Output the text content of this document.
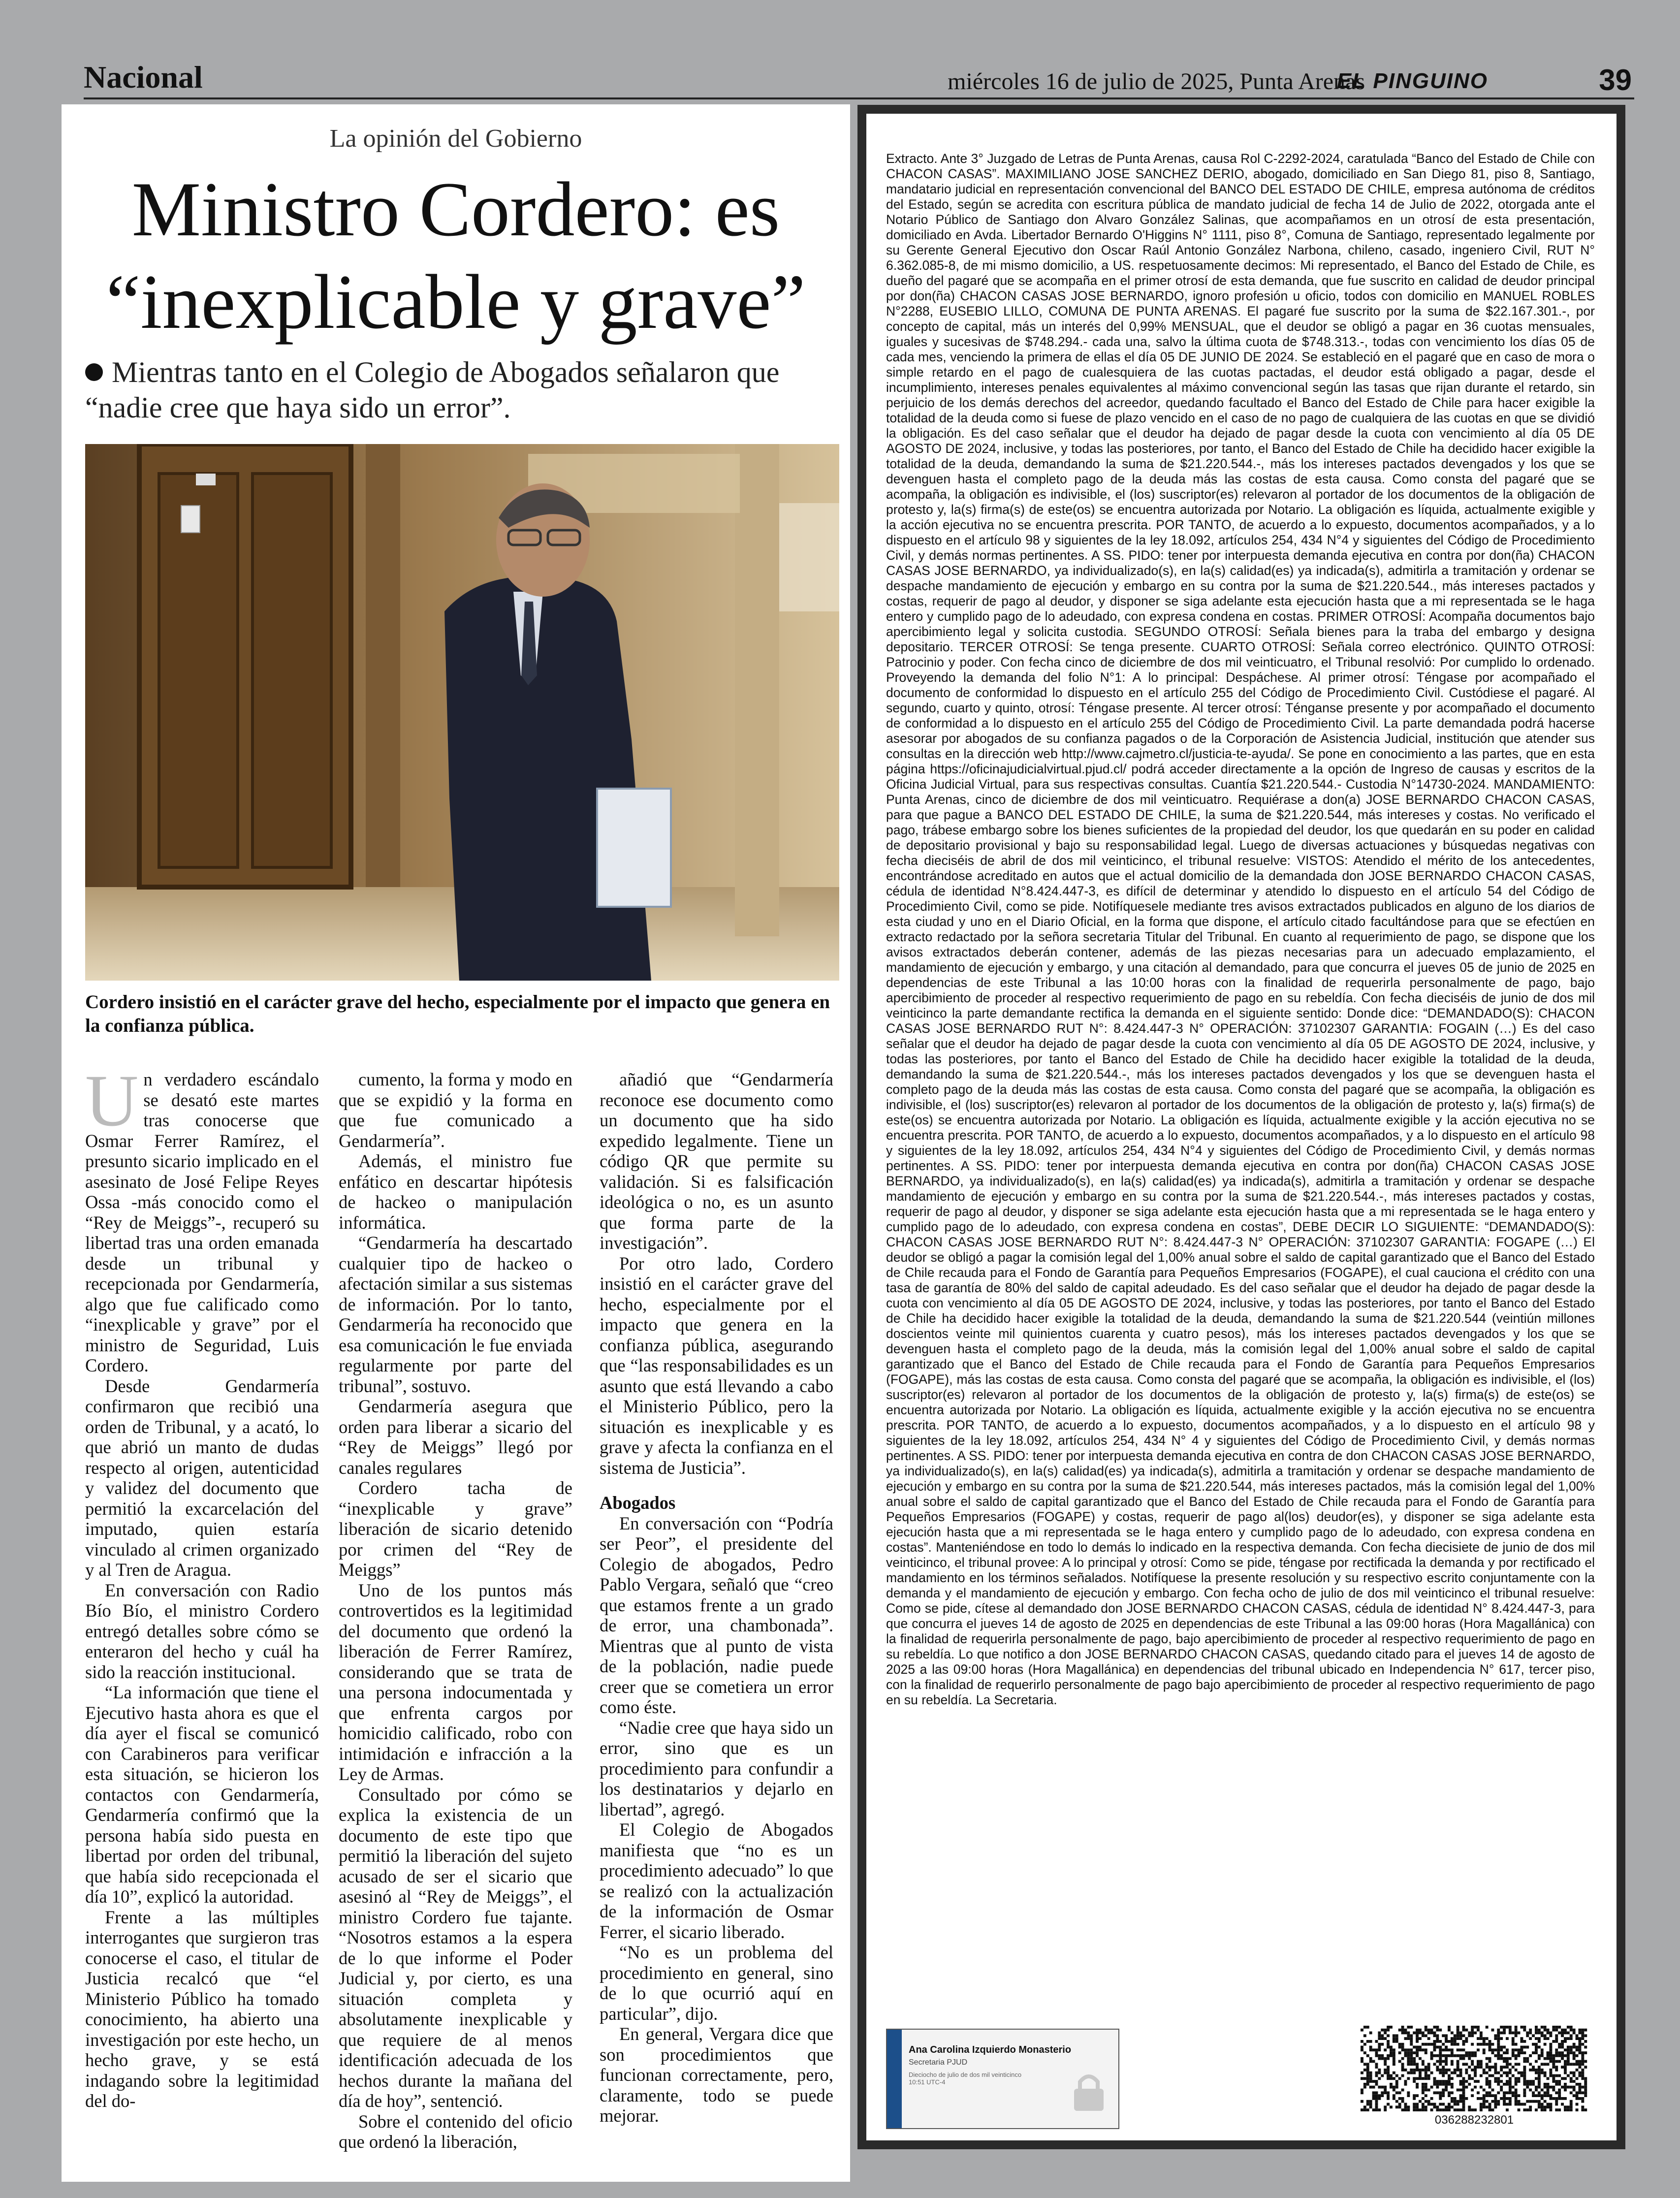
Nacional	miércoles 16 de julio de 2025, Punta Arenas
EL PINGUINO	39
La opinión del Gobierno
Ministro Cordero: es
“inexplicable y grave”
Mientras tanto en el Colegio de Abogados señalaron que “nadie cree que haya sido un error”.
Cordero insistió en el carácter grave del hecho, especialmente por el impacto que genera en la confianza pública.

Un verdadero escándalo se desató este martes tras conocerse que Osmar Ferrer Ramírez, el presunto sicario implicado en el asesinato de José Felipe Reyes Ossa -más conocido como el “Rey de Meiggs”-, recuperó su libertad tras una orden emanada desde un tribunal y recepcionada por Gendarmería, algo que fue calificado como “inexplicable y grave” por el ministro de Seguridad, Luis Cordero.

Desde Gendarmería confirmaron que recibió una orden de Tribunal, y a acató, lo que abrió un manto de dudas respecto al origen, autenticidad y validez del documento que permitió la excarcelación del imputado, quien estaría vinculado al crimen organizado y al Tren de Aragua.

En conversación con Radio Bío Bío, el ministro Cordero entregó detalles sobre cómo se enteraron del hecho y cuál ha sido la reacción institucional.

“La información que tiene el Ejecutivo hasta ahora es que el día ayer el fiscal se comunicó con Carabineros para verificar esta situación, se hicieron los contactos con Gendarmería, Gendarmería confirmó que la persona había sido puesta en libertad por orden del tribunal, que había sido recepcionada el día 10”, explicó la autoridad.

Frente a las múltiples interrogantes que surgieron tras conocerse el caso, el titular de Justicia recalcó que “el Ministerio Público ha tomado conocimiento, ha abierto una investigación por este hecho, un hecho grave, y se está indagando sobre la legitimidad del do-

cumento, la forma y modo en que se expidió y la forma en que fue comunicado a Gendarmería”.

Además, el ministro fue enfático en descartar hipótesis de hackeo o manipulación informática.

“Gendarmería ha descartado cualquier tipo de hackeo o afectación similar a sus sistemas de información. Por lo tanto, Gendarmería ha reconocido que esa comunicación le fue enviada regularmente por parte del tribunal”, sostuvo.

Gendarmería asegura que orden para liberar a sicario del “Rey de Meiggs” llegó por canales regulares

Cordero tacha de “inexplicable y grave” liberación de sicario detenido por crimen del “Rey de Meiggs”

Uno de los puntos más controvertidos es la legitimidad del documento que ordenó la liberación de Ferrer Ramírez, considerando que se trata de una persona indocumentada y que enfrenta cargos por homicidio calificado, robo con intimidación e infracción a la Ley de Armas.

Consultado por cómo se explica la existencia de un documento de este tipo que permitió la liberación del sujeto acusado de ser el sicario que asesinó al “Rey de Meiggs”, el ministro Cordero fue tajante. “Nosotros estamos a la espera de lo que informe el Poder Judicial y, por cierto, es una situación completa y absolutamente inexplicable y que requiere de al menos identificación adecuada de los hechos durante la mañana del día de hoy”, sentenció.

Sobre el contenido del oficio que ordenó la liberación,

añadió que “Gendarmería reconoce ese documento como un documento que ha sido expedido legalmente. Tiene un código QR que permite su validación. Si es falsificación ideológica o no, es un asunto que forma parte de la investigación”.

Por otro lado, Cordero insistió en el carácter grave del hecho, especialmente por el impacto que genera en la confianza pública, asegurando que “las responsabilidades es un asunto que está llevando a cabo el Ministerio Público, pero la situación es inexplicable y es grave y afecta la confianza en el sistema de Justicia”.

Abogados

En conversación con “Podría ser Peor”, el presidente del Colegio de abogados, Pedro Pablo Vergara, señaló que “creo que estamos frente a un grado de error, una chambonada”. Mientras que al punto de vista de la población, nadie puede creer que se cometiera un error como éste.

“Nadie cree que haya sido un error, sino que es un procedimiento para confundir a los destinatarios y dejarlo en libertad”, agregó.

El Colegio de Abogados manifiesta que “no es un procedimiento adecuado” lo que se realizó con la actualización de la información de Osmar Ferrer, el sicario liberado.

“No es un problema del procedimiento en general, sino de lo que ocurrió aquí en particular”, dijo.

En general, Vergara dice que son procedimientos que funcionan correctamente, pero, claramente, todo se puede mejorar.

Extracto. Ante 3° Juzgado de Letras de Punta Arenas, causa Rol C-2292-2024, caratulada “Banco del Estado de Chile con CHACON CASAS”. MAXIMILIANO JOSE SANCHEZ DERIO, abogado, domiciliado en San Diego 81, piso 8, Santiago, mandatario judicial en representación convencional del BANCO DEL ESTADO DE CHILE, empresa autónoma de créditos del Estado, según se acredita con escritura pública de mandato judicial de fecha 14 de Julio de 2022, otorgada ante el Notario Público de Santiago don Alvaro González Salinas, que acompañamos en un otrosí de esta presentación, domiciliado en Avda. Libertador Bernardo O'Higgins N° 1111, piso 8°, Comuna de Santiago, representado legalmente por su Gerente General Ejecutivo don Oscar Raúl Antonio González Narbona, chileno, casado, ingeniero Civil, RUT N° 6.362.085-8, de mi mismo domicilio, a US. respetuosamente decimos: Mi representado, el Banco del Estado de Chile, es dueño del pagaré que se acompaña en el primer otrosí de esta demanda, que fue suscrito en calidad de deudor principal por don(ña) CHACON CASAS JOSE BERNARDO, ignoro profesión u oficio, todos con domicilio en MANUEL ROBLES N°2288, EUSEBIO LILLO, COMUNA DE PUNTA ARENAS. El pagaré fue suscrito por la suma de $22.167.301.-, por concepto de capital, más un interés del 0,99% MENSUAL, que el deudor se obligó a pagar en 36 cuotas mensuales, iguales y sucesivas de $748.294.- cada una, salvo la última cuota de $748.313.-, todas con vencimiento los días 05 de cada mes, venciendo la primera de ellas el día 05 DE JUNIO DE 2024. Se estableció en el pagaré que en caso de mora o simple retardo en el pago de cualesquiera de las cuotas pactadas, el deudor está obligado a pagar, desde el incumplimiento, intereses penales equivalentes al máximo convencional según las tasas que rijan durante el retardo, sin perjuicio de los demás derechos del acreedor, quedando facultado el Banco del Estado de Chile para hacer exigible la totalidad de la deuda como si fuese de plazo vencido en el caso de no pago de cualquiera de las cuotas en que se dividió la obligación. Es del caso señalar que el deudor ha dejado de pagar desde la cuota con vencimiento al día 05 DE AGOSTO DE 2024, inclusive, y todas las posteriores, por tanto, el Banco del Estado de Chile ha decidido hacer exigible la totalidad de la deuda, demandando la suma de $21.220.544.-, más los intereses pactados devengados y los que se devenguen hasta el completo pago de la deuda más las costas de esta causa. Como consta del pagaré que se acompaña, la obligación es indivisible, el (los) suscriptor(es) relevaron al portador de los documentos de la obligación de protesto y, la(s) firma(s) de este(os) se encuentra autorizada por Notario. La obligación es líquida, actualmente exigible y la acción ejecutiva no se encuentra prescrita. POR TANTO, de acuerdo a lo expuesto, documentos acompañados, y a lo dispuesto en el artículo 98 y siguientes de la ley 18.092, artículos 254, 434 N°4 y siguientes del Código de Procedimiento Civil, y demás normas pertinentes. A SS. PIDO: tener por interpuesta demanda ejecutiva en contra por don(ña) CHACON CASAS JOSE BERNARDO, ya individualizado(s), en la(s) calidad(es) ya indicada(s), admitirla a tramitación y ordenar se despache mandamiento de ejecución y embargo en su contra por la suma de $21.220.544., más intereses pactados y costas, requerir de pago al deudor, y disponer se siga adelante esta ejecución hasta que a mi representada se le haga entero y cumplido pago de lo adeudado, con expresa condena en costas. PRIMER OTROSÍ: Acompaña documentos bajo apercibimiento legal y solicita custodia. SEGUNDO OTROSÍ: Señala bienes para la traba del embargo y designa depositario. TERCER OTROSÍ: Se tenga presente. CUARTO OTROSÍ: Señala correo electrónico. QUINTO OTROSÍ: Patrocinio y poder. Con fecha cinco de diciembre de dos mil veinticuatro, el Tribunal resolvió: Por cumplido lo ordenado. Proveyendo la demanda del folio N°1: A lo principal: Despáchese. Al primer otrosí: Téngase por acompañado el documento de conformidad lo dispuesto en el artículo 255 del Código de Procedimiento Civil. Custódiese el pagaré. Al segundo, cuarto y quinto, otrosí: Téngase presente. Al tercer otrosí: Ténganse presente y por acompañado el documento de conformidad a lo dispuesto en el artículo 255 del Código de Procedimiento Civil. La parte demandada podrá hacerse asesorar por abogados de su confianza pagados o de la Corporación de Asistencia Judicial, institución que atender sus consultas en la dirección web http://www.cajmetro.cl/justicia-te-ayuda/. Se pone en conocimiento a las partes, que en esta página https://oficinajudicialvirtual.pjud.cl/ podrá acceder directamente a la opción de Ingreso de causas y escritos de la Oficina Judicial Virtual, para sus respectivas consultas. Cuantía $21.220.544.- Custodia N°14730-2024. MANDAMIENTO: Punta Arenas, cinco de diciembre de dos mil veinticuatro. Requiérase a don(a) JOSE BERNARDO CHACON CASAS, para que pague a BANCO DEL ESTADO DE CHILE, la suma de $21.220.544, más intereses y costas. No verificado el pago, trábese embargo sobre los bienes suficientes de la propiedad del deudor, los que quedarán en su poder en calidad de depositario provisional y bajo su responsabilidad legal. Luego de diversas actuaciones y búsquedas negativas con fecha dieciséis de abril de dos mil veinticinco, el tribunal resuelve: VISTOS: Atendido el mérito de los antecedentes, encontrándose acreditado en autos que el actual domicilio de la demandada don JOSE BERNARDO CHACON CASAS, cédula de identidad N°8.424.447-3, es difícil de determinar y atendido lo dispuesto en el artículo 54 del Código de Procedimiento Civil, como se pide. Notifíquesele mediante tres avisos extractados publicados en alguno de los diarios de esta ciudad y uno en el Diario Oficial, en la forma que dispone, el artículo citado facultándose para que se efectúen en extracto redactado por la señora secretaria Titular del Tribunal. En cuanto al requerimiento de pago, se dispone que los avisos extractados deberán contener, además de las piezas necesarias para un adecuado emplazamiento, el mandamiento de ejecución y embargo, y una citación al demandado, para que concurra el jueves 05 de junio de 2025 en dependencias de este Tribunal a las 10:00 horas con la finalidad de requerirla personalmente de pago, bajo apercibimiento de proceder al respectivo requerimiento de pago en su rebeldía. Con fecha dieciséis de junio de dos mil veinticinco la parte demandante rectifica la demanda en el siguiente sentido: Donde dice: “DEMANDADO(S): CHACON CASAS JOSE BERNARDO RUT N°: 8.424.447-3 N° OPERACIÓN: 37102307 GARANTIA: FOGAIN (…) Es del caso señalar que el deudor ha dejado de pagar desde la cuota con vencimiento al día 05 DE AGOSTO DE 2024, inclusive, y todas las posteriores, por tanto el Banco del Estado de Chile ha decidido hacer exigible la totalidad de la deuda, demandando la suma de $21.220.544.-, más los intereses pactados devengados y los que se devenguen hasta el completo pago de la deuda más las costas de esta causa. Como consta del pagaré que se acompaña, la obligación es indivisible, el (los) suscriptor(es) relevaron al portador de los documentos de la obligación de protesto y, la(s) firma(s) de este(os) se encuentra autorizada por Notario. La obligación es líquida, actualmente exigible y la acción ejecutiva no se encuentra prescrita. POR TANTO, de acuerdo a lo expuesto, documentos acompañados, y a lo dispuesto en el artículo 98 y siguientes de la ley 18.092, artículos 254, 434 N°4 y siguientes del Código de Procedimiento Civil, y demás normas pertinentes. A SS. PIDO: tener por interpuesta demanda ejecutiva en contra por don(ña) CHACON CASAS JOSE BERNARDO, ya individualizado(s), en la(s) calidad(es) ya indicada(s), admitirla a tramitación y ordenar se despache mandamiento de ejecución y embargo en su contra por la suma de $21.220.544.-, más intereses pactados y costas, requerir de pago al deudor, y disponer se siga adelante esta ejecución hasta que a mi representada se le haga entero y cumplido pago de lo adeudado, con expresa condena en costas”, DEBE DECIR LO SIGUIENTE: “DEMANDADO(S): CHACON CASAS JOSE BERNARDO RUT N°: 8.424.447-3 N° OPERACIÓN: 37102307 GARANTIA: FOGAPE (…) El deudor se obligó a pagar la comisión legal del 1,00% anual sobre el saldo de capital garantizado que el Banco del Estado de Chile recauda para el Fondo de Garantía para Pequeños Empresarios (FOGAPE), el cual cauciona el crédito con una tasa de garantía de 80% del saldo de capital adeudado. Es del caso señalar que el deudor ha dejado de pagar desde la cuota con vencimiento al día 05 DE AGOSTO DE 2024, inclusive, y todas las posteriores, por tanto el Banco del Estado de Chile ha decidido hacer exigible la totalidad de la deuda, demandando la suma de $21.220.544 (veintiún millones doscientos veinte mil quinientos cuarenta y cuatro pesos), más los intereses pactados devengados y los que se devenguen hasta el completo pago de la deuda, más la comisión legal del 1,00% anual sobre el saldo de capital garantizado que el Banco del Estado de Chile recauda para el Fondo de Garantía para Pequeños Empresarios (FOGAPE), más las costas de esta causa. Como consta del pagaré que se acompaña, la obligación es indivisible, el (los) suscriptor(es) relevaron al portador de los documentos de la obligación de protesto y, la(s) firma(s) de este(os) se encuentra autorizada por Notario. La obligación es líquida, actualmente exigible y la acción ejecutiva no se encuentra prescrita. POR TANTO, de acuerdo a lo expuesto, documentos acompañados, y a lo dispuesto en el artículo 98 y siguientes de la ley 18.092, artículos 254, 434 N° 4 y siguientes del Código de Procedimiento Civil, y demás normas pertinentes. A SS. PIDO: tener por interpuesta demanda ejecutiva en contra de don CHACON CASAS JOSE BERNARDO, ya individualizado(s), en la(s) calidad(es) ya indicada(s), admitirla a tramitación y ordenar se despache mandamiento de ejecución y embargo en su contra por la suma de $21.220.544, más intereses pactados, más la comisión legal del 1,00% anual sobre el saldo de capital garantizado que el Banco del Estado de Chile recauda para el Fondo de Garantía para Pequeños Empresarios (FOGAPE) y costas, requerir de pago al(los) deudor(es), y disponer se siga adelante esta ejecución hasta que a mi representada se le haga entero y cumplido pago de lo adeudado, con expresa condena en costas”. Manteniéndose en todo lo demás lo indicado en la respectiva demanda. Con fecha diecisiete de junio de dos mil veinticinco, el tribunal provee: A lo principal y otrosí: Como se pide, téngase por rectificada la demanda y por rectificado el mandamiento en los términos señalados. Notifíquese la presente resolución y su respectivo escrito conjuntamente con la demanda y el mandamiento de ejecución y embargo. Con fecha ocho de julio de dos mil veinticinco el tribunal resuelve: Como se pide, cítese al demandado don JOSE BERNARDO CHACON CASAS, cédula de identidad N° 8.424.447-3, para que concurra el jueves 14 de agosto de 2025 en dependencias de este Tribunal a las 09:00 horas (Hora Magallánica) con la finalidad de requerirla personalmente de pago, bajo apercibimiento de proceder al respectivo requerimiento de pago en su rebeldía. Lo que notifico a don JOSE BERNARDO CHACON CASAS, quedando citado para el jueves 14 de agosto de 2025 a las 09:00 horas (Hora Magallánica) en dependencias del tribunal ubicado en Independencia N° 617, tercer piso, con la finalidad de requerirlo personalmente de pago bajo apercibimiento de proceder al respectivo requerimiento de pago en su rebeldía. La Secretaria.
Ana Carolina Izquierdo Monasterio
Secretaria PJUD
Dieciocho de julio de dos mil veinticinco 10:51 UTC-4
036288232801
